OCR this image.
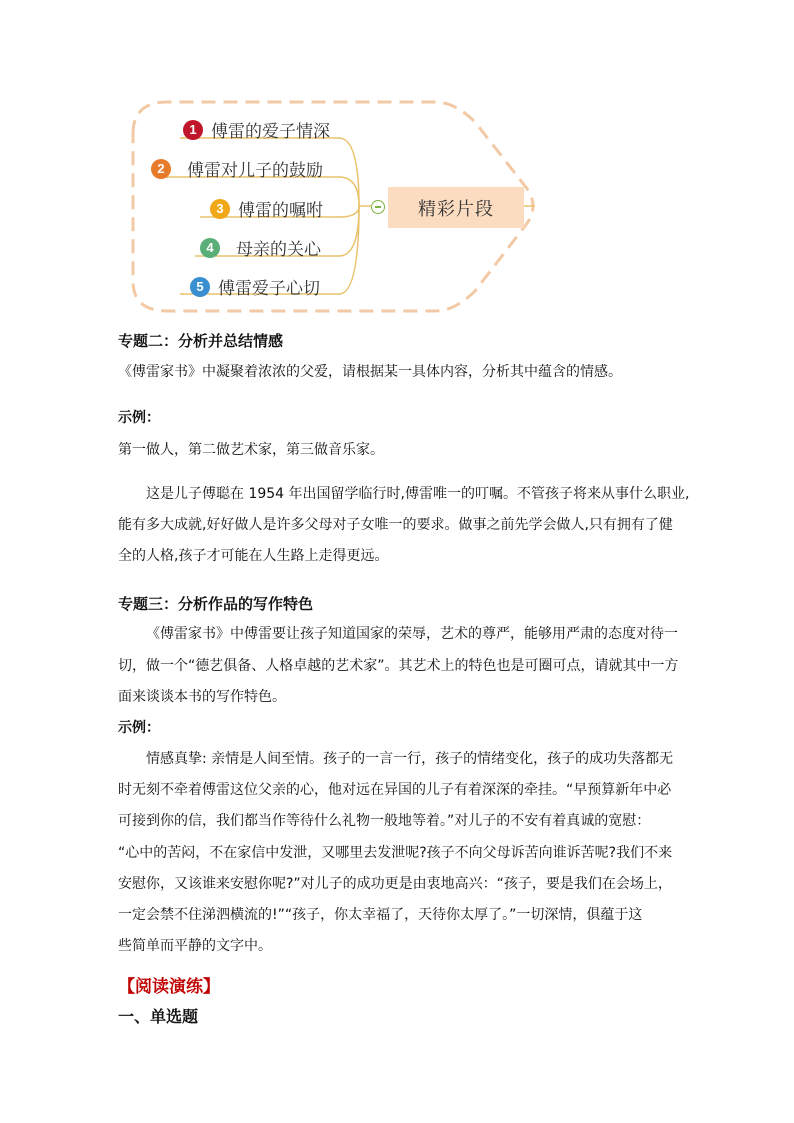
1 傅雷的爱子情深
2	傅雷对儿子的鼓励
3 傅雷的嘱咐
4	母亲的关心
5 傅雷爱子心切
精彩片段
专题二：分析并总结情感
《傅雷家书》中凝聚着浓浓的父爱，请根据某一具体内容，分析其中蕴含的情感。
示例：
第一做人，第二做艺术家，第三做音乐家。
这是儿子傅聪在 1954 年出国留学临行时,傅雷唯一的叮嘱。不管孩子将来从事什么职业,
能有多大成就,好好做人是许多父母对子女唯一的要求。做事之前先学会做人,只有拥有了健
全的人格,孩子才可能在人生路上走得更远。
专题三：分析作品的写作特色
《傅雷家书》中傅雷要让孩子知道国家的荣辱，艺术的尊严，能够用严肃的态度对待一
切，做一个“德艺俱备、人格卓越的艺术家”。其艺术上的特色也是可圈可点，请就其中一方
面来谈谈本书的写作特色。
示例：
情感真挚: 亲情是人间至情。孩子的一言一行，孩子的情绪变化，孩子的成功失落都无
时无刻不牵着傅雷这位父亲的心，他对远在异国的儿子有着深深的牵挂。“早预算新年中必
可接到你的信，我们都当作等待什么礼物一般地等着。”对儿子的不安有着真诚的宽慰：
“心中的苦闷，不在家信中发泄，又哪里去发泄呢?孩子不向父母诉苦向谁诉苦呢?我们不来
安慰你，又该谁来安慰你呢?”对儿子的成功更是由衷地高兴：“孩子，要是我们在会场上，
一定会禁不住涕泗横流的!”“孩子，你太幸福了，天待你太厚了。”一切深情，俱蕴于这
些简单而平静的文字中。
【阅读演练】
一、单选题
